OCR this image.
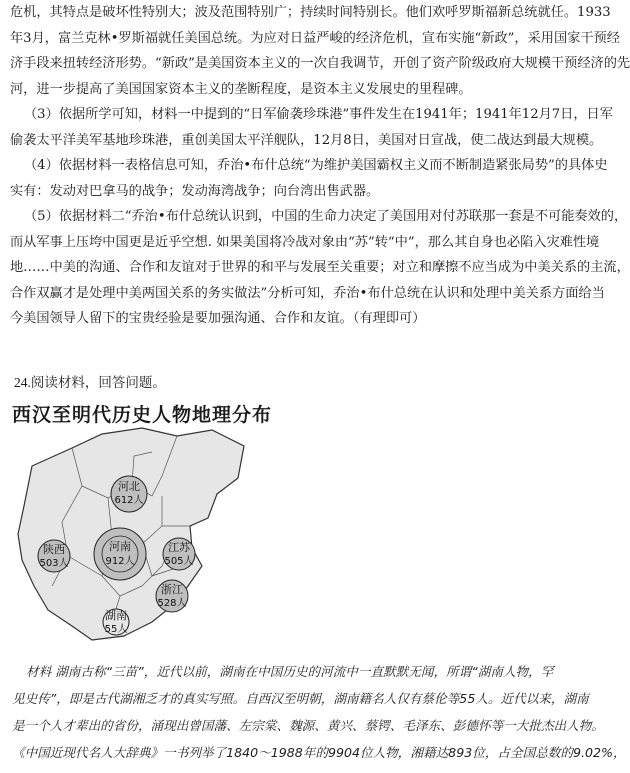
危机，其特点是破坏性特别大；波及范围特别广；持续时间特别长。他们欢呼罗斯福新总统就任。1933
年3月，富兰克林•罗斯福就任美国总统。为应对日益严峻的经济危机，宣布实施“新政”，采用国家干预经
济手段来扭转经济形势。“新政”是美国资本主义的一次自我调节，开创了资产阶级政府大规模干预经济的先
河，进一步提高了美国国家资本主义的垄断程度，是资本主义发展史的里程碑。

（3）依据所学可知，材料一中提到的“日军偷袭珍珠港”事件发生在1941年；1941年12月7日，日军
偷袭太平洋美军基地珍珠港，重创美国太平洋舰队，12月8日，美国对日宣战，使二战达到最大规模。

（4）依据材料一表格信息可知，乔治•布什总统“为维护美国霸权主义而不断制造紧张局势”的具体史
实有：发动对巴拿马的战争；发动海湾战争；向台湾出售武器。

（5）依据材料二“乔治•布什总统认识到，中国的生命力决定了美国用对付苏联那一套是不可能奏效的，
而从军事上压垮中国更是近乎空想. 如果美国将冷战对象由“苏”转“中”，那么其自身也必陷入灾难性境
地……中美的沟通、合作和友谊对于世界的和平与发展至关重要；对立和摩擦不应当成为中美关系的主流，
合作双赢才是处理中美两国关系的务实做法”分析可知，乔治•布什总统在认识和处理中美关系方面给当
今美国领导人留下的宝贵经验是要加强沟通、合作和友谊。（有理即可）

24.阅读材料，回答问题。

西汉至明代历史人物地理分布
河北
612人
陕西
503人
河南
912人
江苏
505人
浙江
528人
湖南
55人

材料 湖南古称“三苗”，近代以前，湖南在中国历史的河流中一直默默无闻，所谓“湖南人物，罕
见史传”，即是古代湖湘乏才的真实写照。自西汉至明朝，湖南籍名人仅有蔡伦等55人。近代以来，湖南
是一个人才辈出的省份，涌现出曾国藩、左宗棠、魏源、黄兴、蔡锷、毛泽东、彭德怀等一大批杰出人物。
《中国近现代名人大辞典》一书列举了1840～1988年的9904位人物，湘籍达893位，占全国总数的9.02%，
